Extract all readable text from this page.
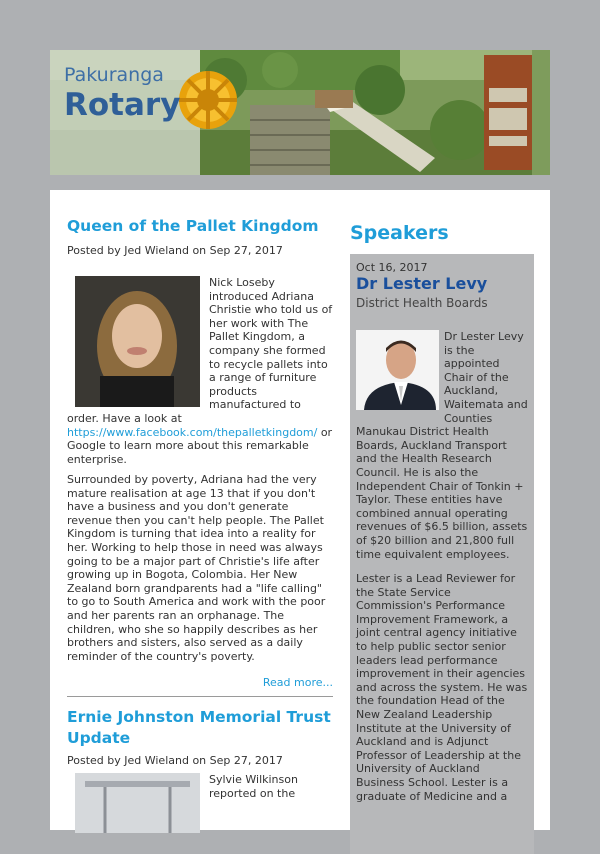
Pakuranga
Rotary
Queen of the Pallet Kingdom
Posted by Jed Wieland on Sep 27, 2017
Nick Loseby introduced Adriana Christie who told us of her work with The Pallet Kingdom, a company she formed to recycle pallets into a range of furniture products manufactured to order. Have a look at https://www.facebook.com/thepalletkingdom/ or Google to learn more about this remarkable enterprise.
Surrounded by poverty, Adriana had the very mature realisation at age 13 that if you don't have a business and you don't generate revenue then you can't help people. The Pallet Kingdom is turning that idea into a reality for her. Working to help those in need was always going to be a major part of Christie's life after growing up in Bogota, Colombia. Her New Zealand born grandparents had a "life calling" to go to South America and work with the poor and her parents ran an orphanage. The children, who she so happily describes as her brothers and sisters, also served as a daily reminder of the country's poverty.
Read more...
Ernie Johnston Memorial Trust Update
Posted by Jed Wieland on Sep 27, 2017
Sylvie Wilkinson reported on the
Speakers
Oct 16, 2017
Dr Lester Levy
District Health Boards

Dr Lester Levy is the appointed Chair of the Auckland, Waitemata and Counties Manukau District Health Boards, Auckland Transport and the Health Research Council. He is also the Independent Chair of Tonkin + Taylor. These entities have combined annual operating revenues of $6.5 billion, assets of $20 billion and 21,800 full time equivalent employees.

Lester is a Lead Reviewer for the State Service Commission's Performance Improvement Framework, a joint central agency initiative to help public sector senior leaders lead performance improvement in their agencies and across the system. He was the foundation Head of the New Zealand Leadership Institute at the University of Auckland and is Adjunct Professor of Leadership at the University of Auckland Business School. Lester is a graduate of Medicine and a
